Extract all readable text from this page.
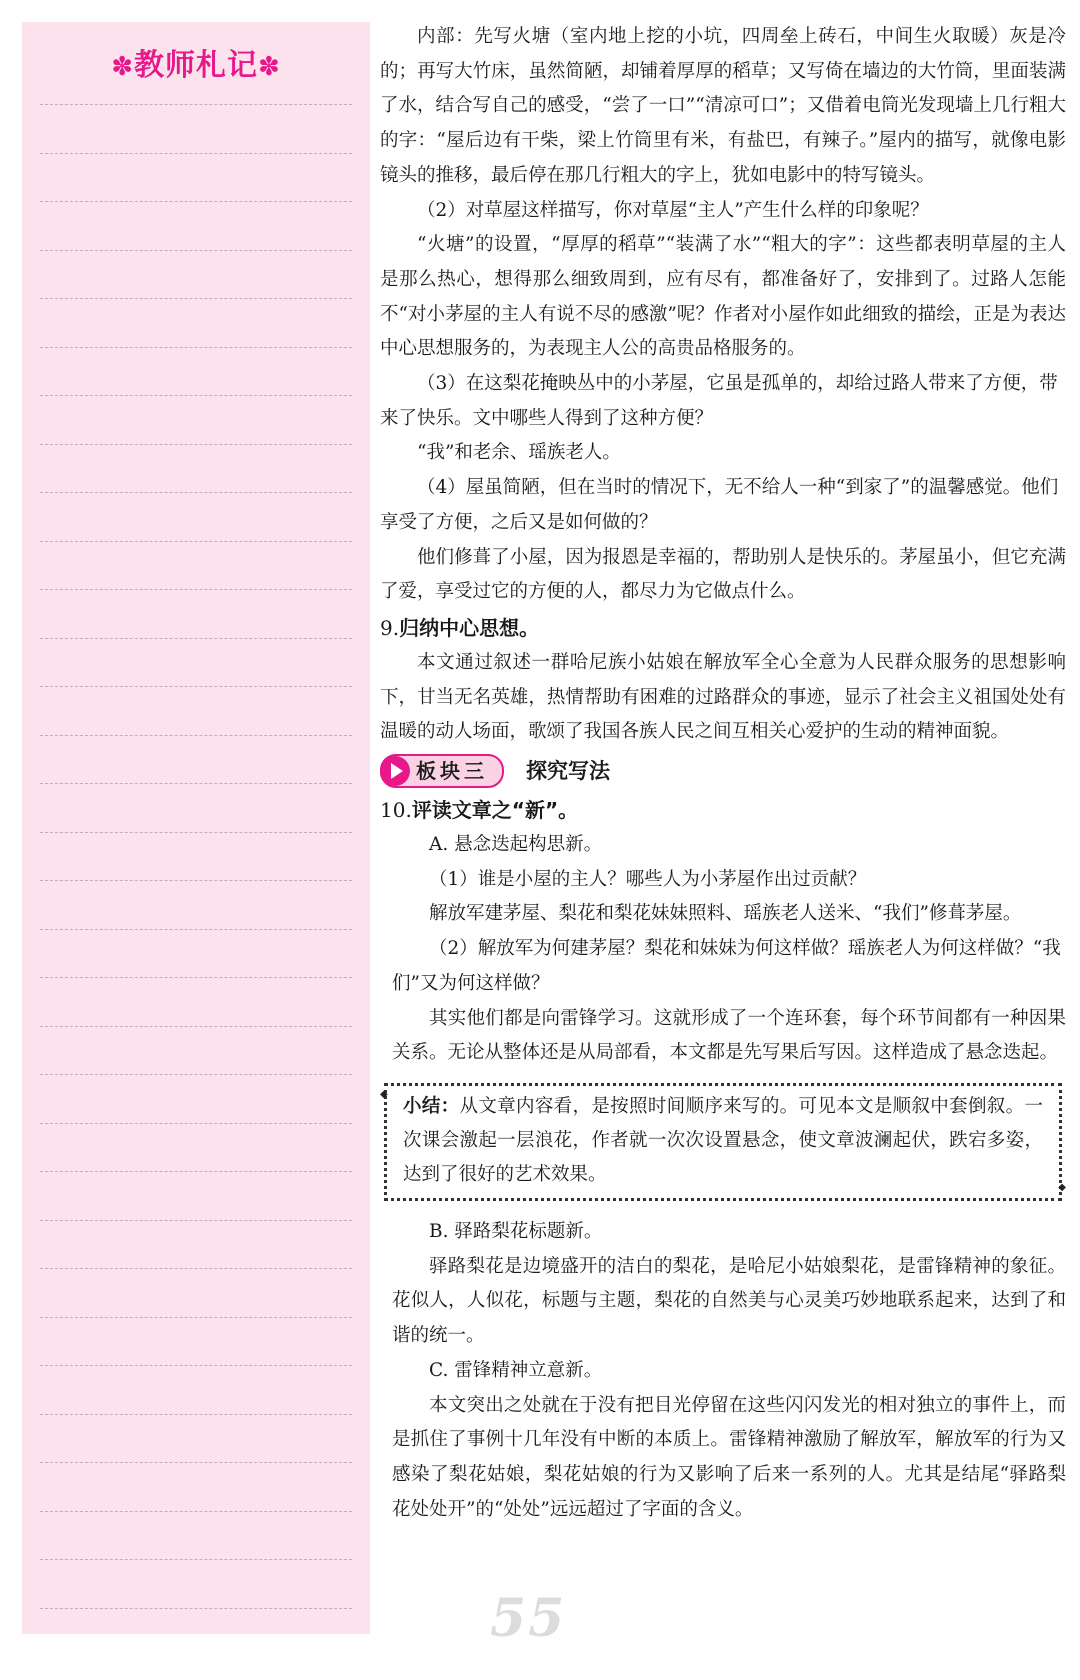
✽教师札记✽

内部：先写火塘（室内地上挖的小坑，四周垒上砖石，中间生火取暖）灰是冷的；再写大竹床，虽然简陋，却铺着厚厚的稻草；又写倚在墙边的大竹筒，里面装满了水，结合写自己的感受，“尝了一口”“清凉可口”；又借着电筒光发现墙上几行粗大的字：“屋后边有干柴，梁上竹筒里有米，有盐巴，有辣子。”屋内的描写，就像电影镜头的推移，最后停在那几行粗大的字上，犹如电影中的特写镜头。

（2）对草屋这样描写，你对草屋“主人”产生什么样的印象呢？

“火塘”的设置，“厚厚的稻草”“装满了水”“粗大的字”：这些都表明草屋的主人是那么热心，想得那么细致周到，应有尽有，都准备好了，安排到了。过路人怎能不“对小茅屋的主人有说不尽的感激”呢？作者对小屋作如此细致的描绘，正是为表达中心思想服务的，为表现主人公的高贵品格服务的。

（3）在这梨花掩映丛中的小茅屋，它虽是孤单的，却给过路人带来了方便，带来了快乐。文中哪些人得到了这种方便？

“我”和老余、瑶族老人。

（4）屋虽简陋，但在当时的情况下，无不给人一种“到家了”的温馨感觉。他们享受了方便，之后又是如何做的？

他们修葺了小屋，因为报恩是幸福的，帮助别人是快乐的。茅屋虽小，但它充满了爱，享受过它的方便的人，都尽力为它做点什么。

9.归纳中心思想。

本文通过叙述一群哈尼族小姑娘在解放军全心全意为人民群众服务的思想影响下，甘当无名英雄，热情帮助有困难的过路群众的事迹，显示了社会主义祖国处处有温暖的动人场面，歌颂了我国各族人民之间互相关心爱护的生动的精神面貌。

板块三 探究写法

10.评读文章之“新”。

A. 悬念迭起构思新。

（1）谁是小屋的主人？哪些人为小茅屋作出过贡献？

解放军建茅屋、梨花和梨花妹妹照料、瑶族老人送米、“我们”修葺茅屋。

（2）解放军为何建茅屋？梨花和妹妹为何这样做？瑶族老人为何这样做？“我们”又为何这样做？

其实他们都是向雷锋学习。这就形成了一个连环套，每个环节间都有一种因果关系。无论从整体还是从局部看，本文都是先写果后写因。这样造成了悬念迭起。

◆ 小结：从文章内容看，是按照时间顺序来写的。可见本文是顺叙中套倒叙。一次课会激起一层浪花，作者就一次次设置悬念，使文章波澜起伏，跌宕多姿，达到了很好的艺术效果。

◆

B. 驿路梨花标题新。

驿路梨花是边境盛开的洁白的梨花，是哈尼小姑娘梨花，是雷锋精神的象征。花似人，人似花，标题与主题，梨花的自然美与心灵美巧妙地联系起来，达到了和谐的统一。

C. 雷锋精神立意新。

本文突出之处就在于没有把目光停留在这些闪闪发光的相对独立的事件上，而是抓住了事例十几年没有中断的本质上。雷锋精神激励了解放军，解放军的行为又感染了梨花姑娘，梨花姑娘的行为又影响了后来一系列的人。尤其是结尾“驿路梨花处处开”的“处处”远远超过了字面的含义。

55
